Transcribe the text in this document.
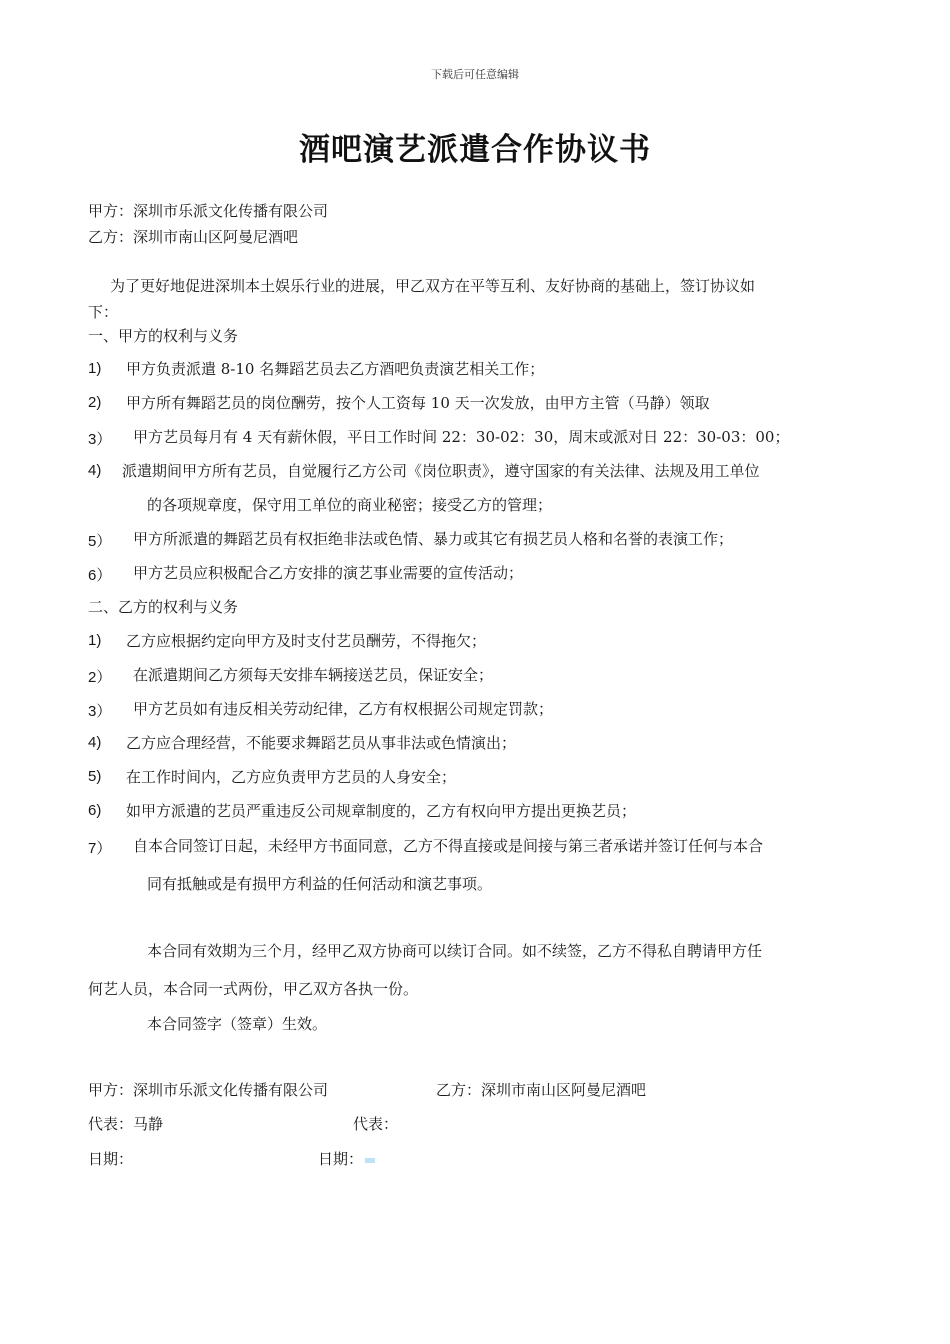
下载后可任意编辑
酒吧演艺派遣合作协议书
甲方：深圳市乐派文化传播有限公司
乙方：深圳市南山区阿曼尼酒吧
为了更好地促进深圳本土娱乐行业的进展，甲乙双方在平等互利、友好协商的基础上，签订协议如
下：
一、甲方的权利与义务
1) 甲方负责派遣 8-10 名舞蹈艺员去乙方酒吧负责演艺相关工作；
2) 甲方所有舞蹈艺员的岗位酬劳，按个人工资每 10 天一次发放，由甲方主管（马静）领取
3） 甲方艺员每月有 4 天有薪休假，平日工作时间 22：30-02：30，周末或派对日 22：30-03：00；
4) 派遣期间甲方所有艺员，自觉履行乙方公司《岗位职责》，遵守国家的有关法律、法规及用工单位
的各项规章度，保守用工单位的商业秘密；接受乙方的管理；
5） 甲方所派遣的舞蹈艺员有权拒绝非法或色情、暴力或其它有损艺员人格和名誉的表演工作；
6） 甲方艺员应积极配合乙方安排的演艺事业需要的宣传活动；
二、乙方的权利与义务
1) 乙方应根据约定向甲方及时支付艺员酬劳，不得拖欠；
2） 在派遣期间乙方须每天安排车辆接送艺员，保证安全；
3） 甲方艺员如有违反相关劳动纪律，乙方有权根据公司规定罚款；
4) 乙方应合理经营，不能要求舞蹈艺员从事非法或色情演出；
5) 在工作时间内，乙方应负责甲方艺员的人身安全；
6) 如甲方派遣的艺员严重违反公司规章制度的，乙方有权向甲方提出更换艺员；
7） 自本合同签订日起，未经甲方书面同意，乙方不得直接或是间接与第三者承诺并签订任何与本合
同有抵触或是有损甲方利益的任何活动和演艺事项。
本合同有效期为三个月，经甲乙双方协商可以续订合同。如不续签，乙方不得私自聘请甲方任
何艺人员，本合同一式两份，甲乙双方各执一份。
本合同签字（签章）生效。
甲方：深圳市乐派文化传播有限公司	乙方：深圳市南山区阿曼尼酒吧
代表：马静	代表：
日期：	日期：
